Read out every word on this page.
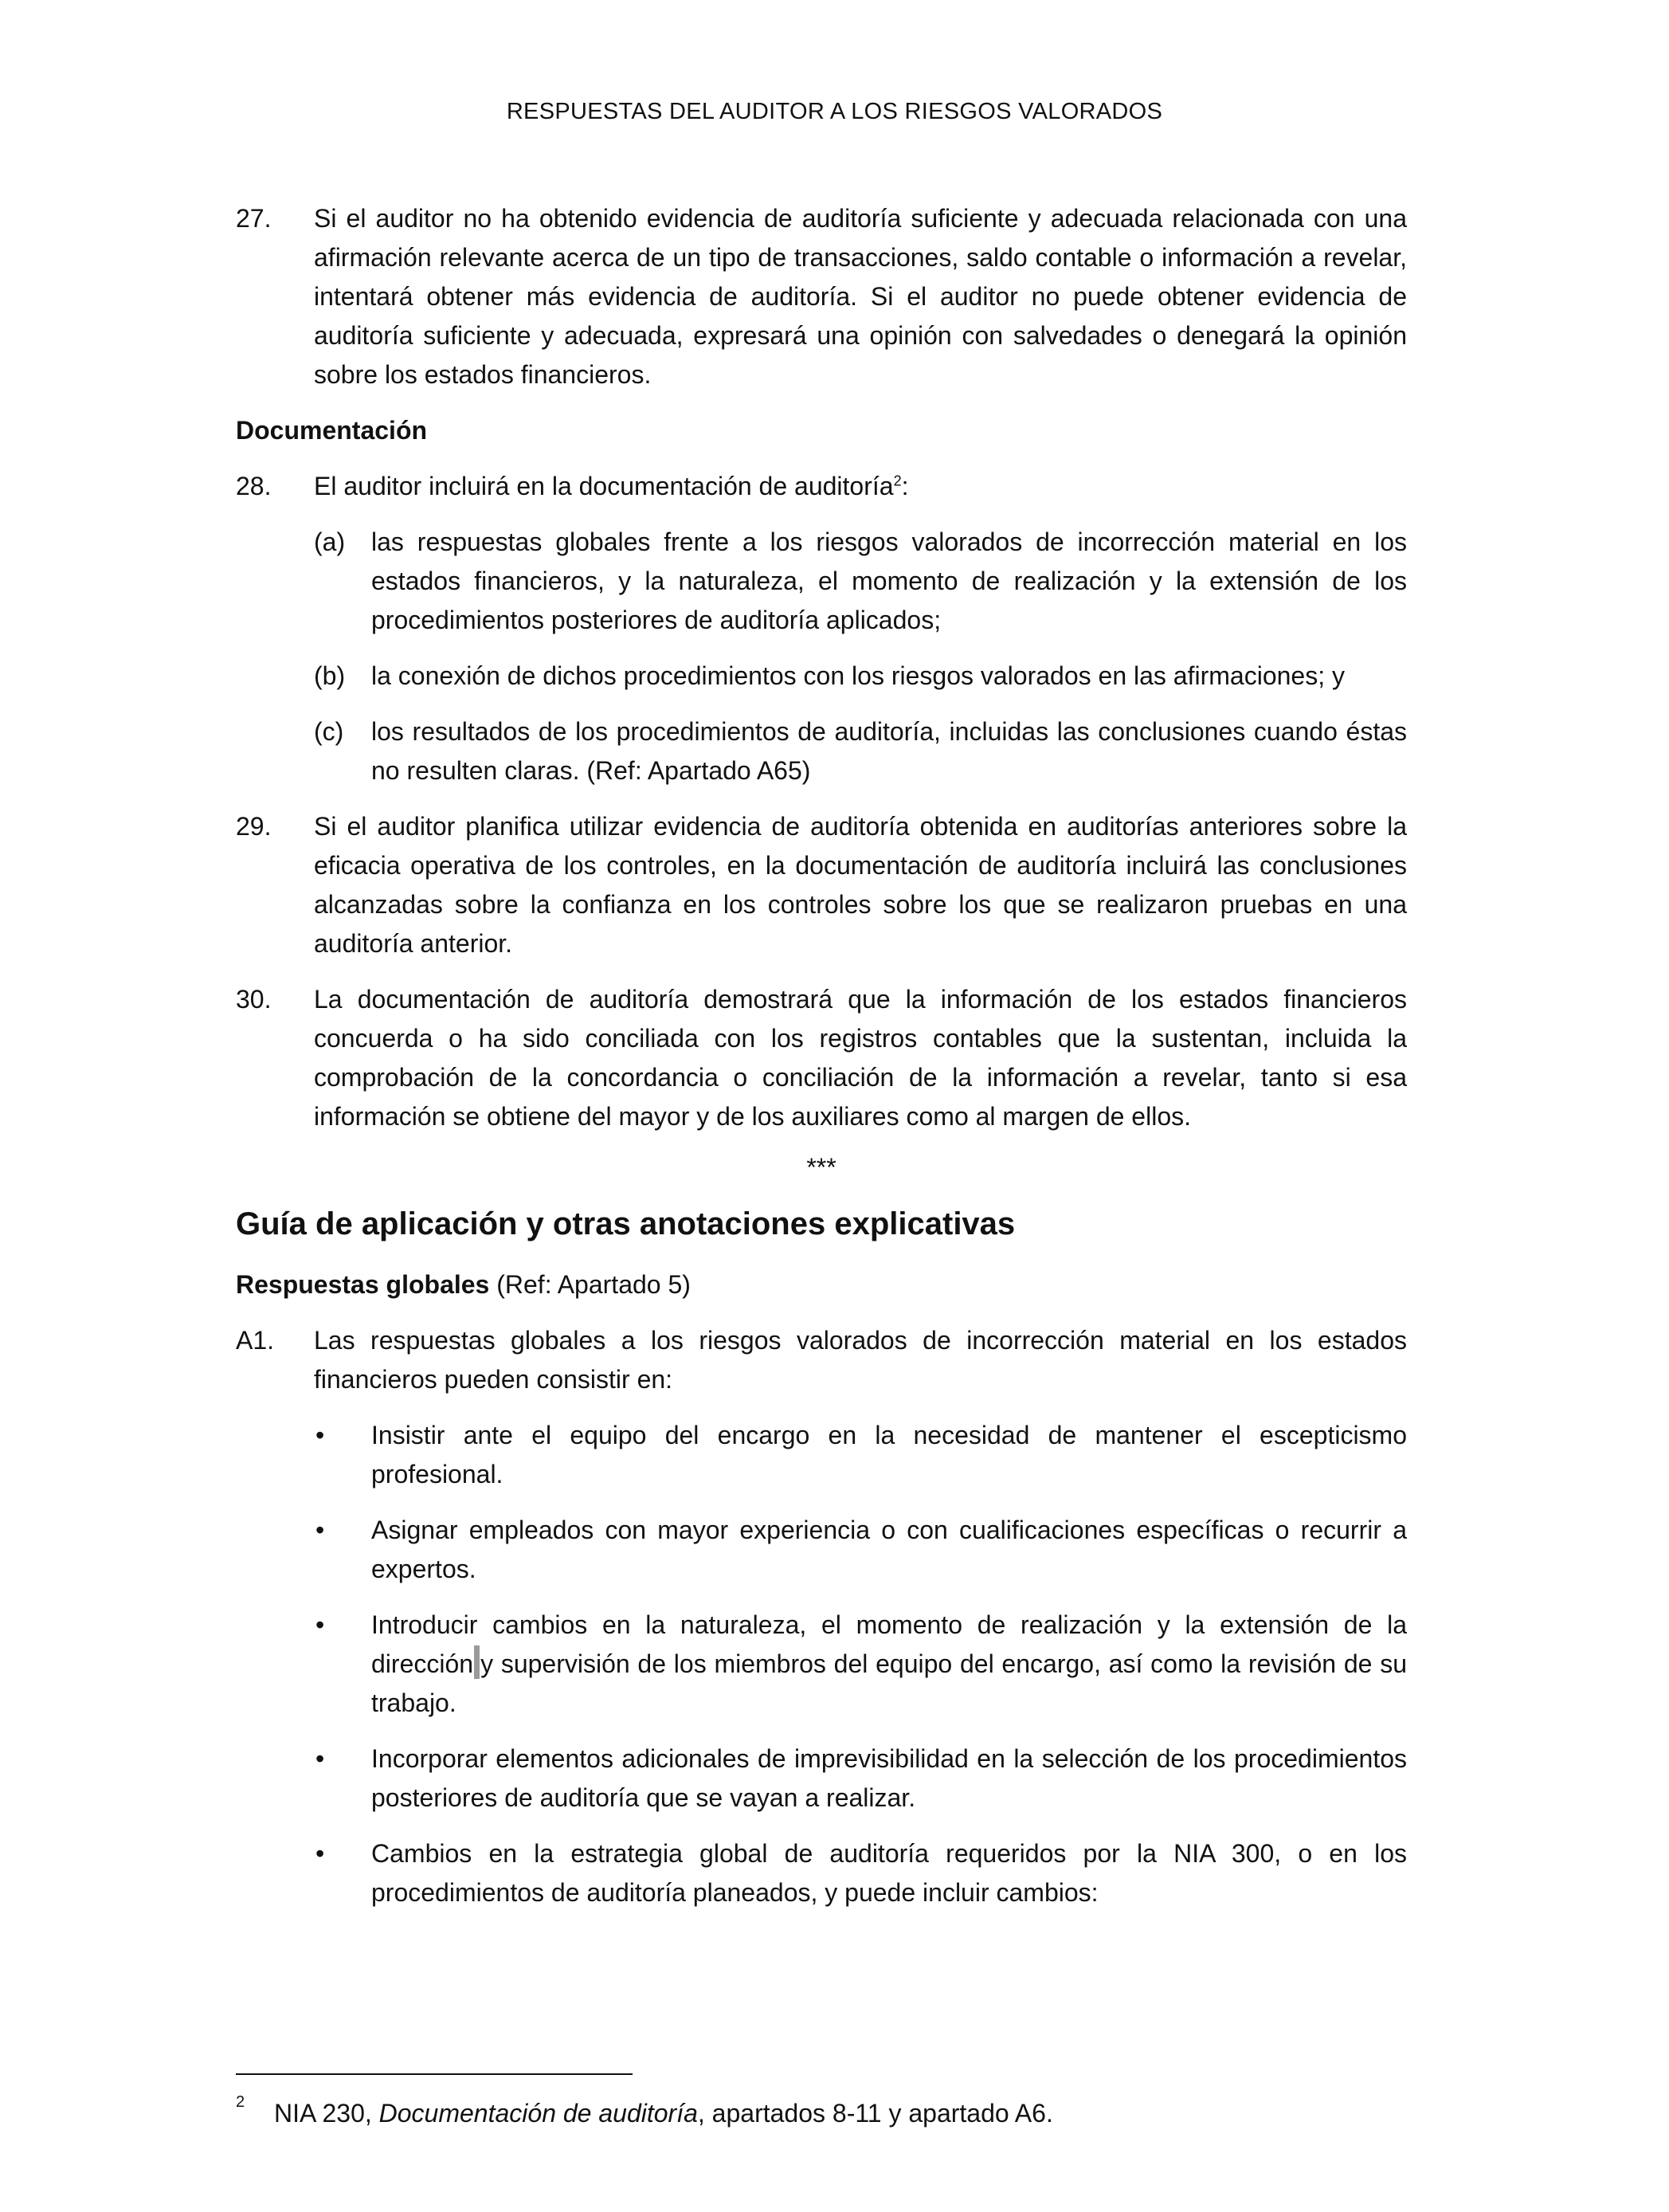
RESPUESTAS DEL AUDITOR A LOS RIESGOS VALORADOS
27. Si el auditor no ha obtenido evidencia de auditoría suficiente y adecuada relacionada con una afirmación relevante acerca de un tipo de transacciones, saldo contable o información a revelar, intentará obtener más evidencia de auditoría. Si el auditor no puede obtener evidencia de auditoría suficiente y adecuada, expresará una opinión con salvedades o denegará la opinión sobre los estados financieros.
Documentación
28. El auditor incluirá en la documentación de auditoría$^2$:
(a) las respuestas globales frente a los riesgos valorados de incorrección material en los estados financieros, y la naturaleza, el momento de realización y la extensión de los procedimientos posteriores de auditoría aplicados;
(b) la conexión de dichos procedimientos con los riesgos valorados en las afirmaciones; y
(c) los resultados de los procedimientos de auditoría, incluidas las conclusiones cuando éstas no resulten claras. (Ref: Apartado A65)
29. Si el auditor planifica utilizar evidencia de auditoría obtenida en auditorías anteriores sobre la eficacia operativa de los controles, en la documentación de auditoría incluirá las conclusiones alcanzadas sobre la confianza en los controles sobre los que se realizaron pruebas en una auditoría anterior.
30. La documentación de auditoría demostrará que la información de los estados financieros concuerda o ha sido conciliada con los registros contables que la sustentan, incluida la comprobación de la concordancia o conciliación de la información a revelar, tanto si esa información se obtiene del mayor y de los auxiliares como al margen de ellos.
***
Guía de aplicación y otras anotaciones explicativas
Respuestas globales (Ref: Apartado 5)
A1. Las respuestas globales a los riesgos valorados de incorrección material en los estados financieros pueden consistir en:
• Insistir ante el equipo del encargo en la necesidad de mantener el escepticismo profesional.
• Asignar empleados con mayor experiencia o con cualificaciones específicas o recurrir a expertos.
• Introducir cambios en la naturaleza, el momento de realización y la extensión de la dirección y supervisión de los miembros del equipo del encargo, así como la revisión de su trabajo.
• Incorporar elementos adicionales de imprevisibilidad en la selección de los procedimientos posteriores de auditoría que se vayan a realizar.
• Cambios en la estrategia global de auditoría requeridos por la NIA 300, o en los procedimientos de auditoría planeados, y puede incluir cambios:
2	NIA 230, Documentación de auditoría, apartados 8-11 y apartado A6.
